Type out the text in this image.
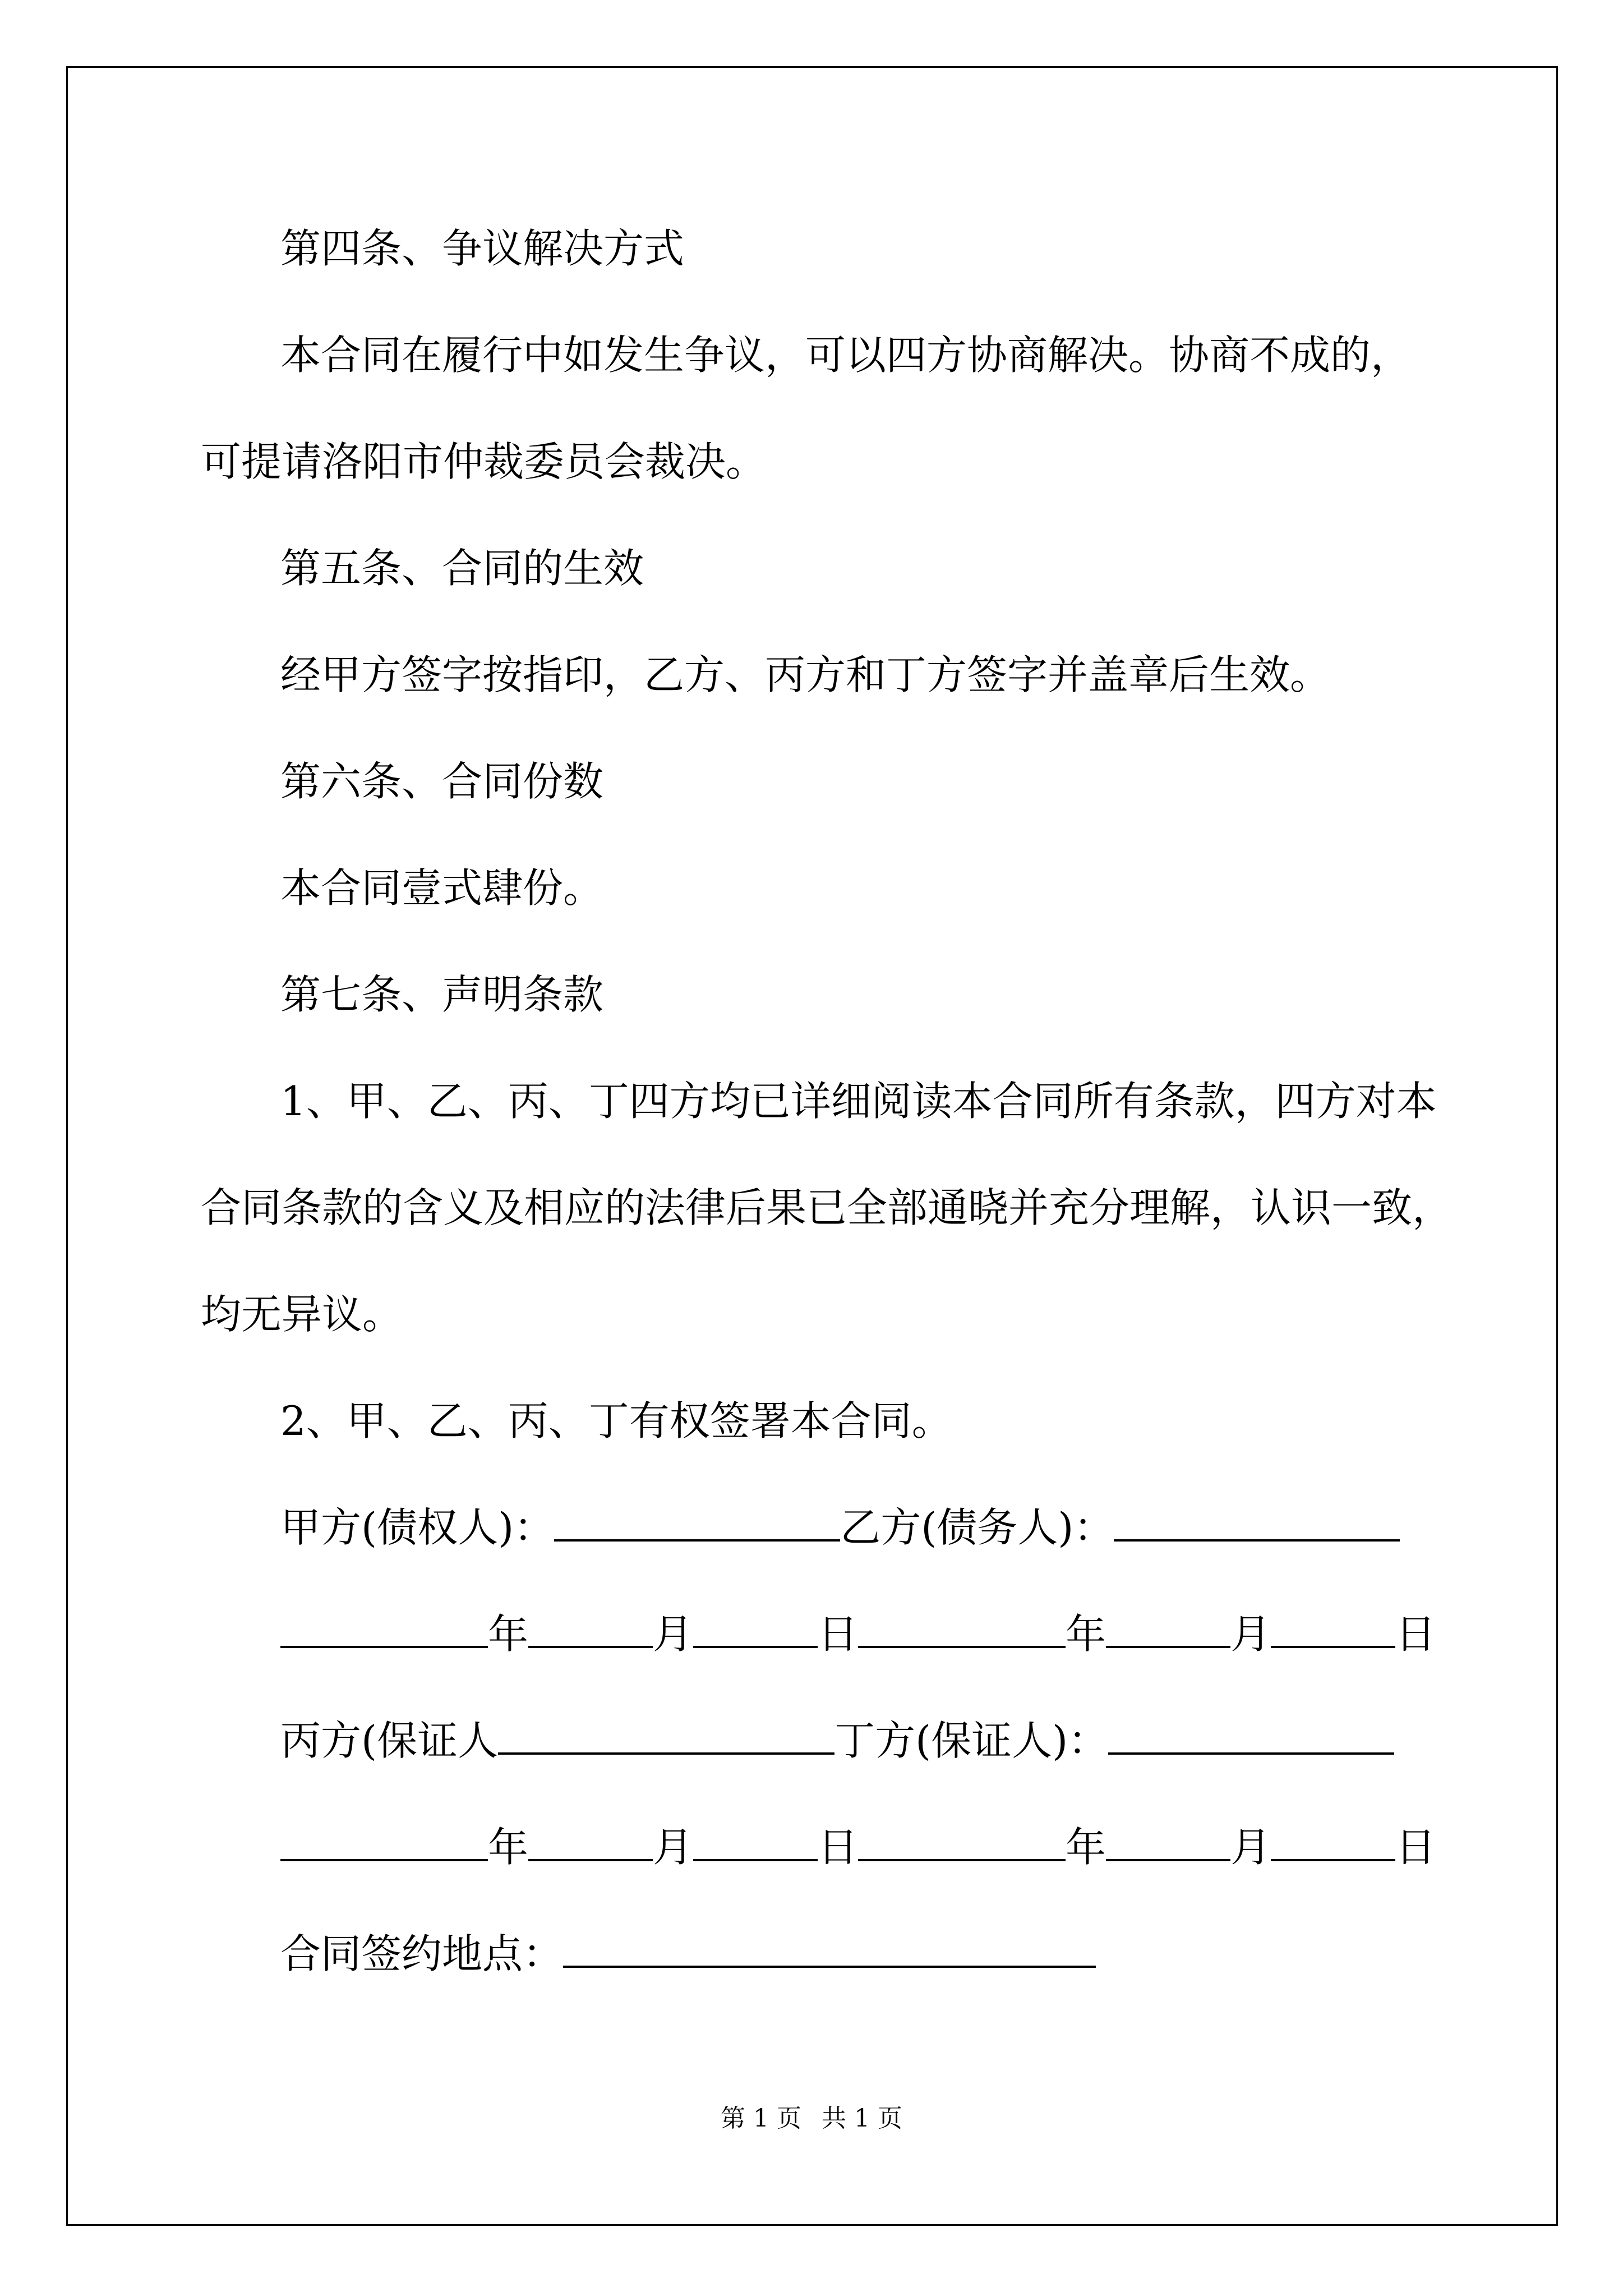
第四条、争议解决方式
本合同在履行中如发生争议，可以四方协商解决。协商不成的，
可提请洛阳市仲裁委员会裁决。
第五条、合同的生效
经甲方签字按指印，乙方、丙方和丁方签字并盖章后生效。
第六条、合同份数
本合同壹式肆份。
第七条、声明条款
1、甲、乙、丙、丁四方均已详细阅读本合同所有条款，四方对本
合同条款的含义及相应的法律后果已全部通晓并充分理解，认识一致，
均无异议。
2、甲、乙、丙、丁有权签署本合同。
甲方(债权人)：	乙方(债务人)：
年	月	日	年	月	日
丙方(保证人	丁方(保证人)：
年	月	日	年	月	日
合同签约地点：
第 1 页 共 1 页
